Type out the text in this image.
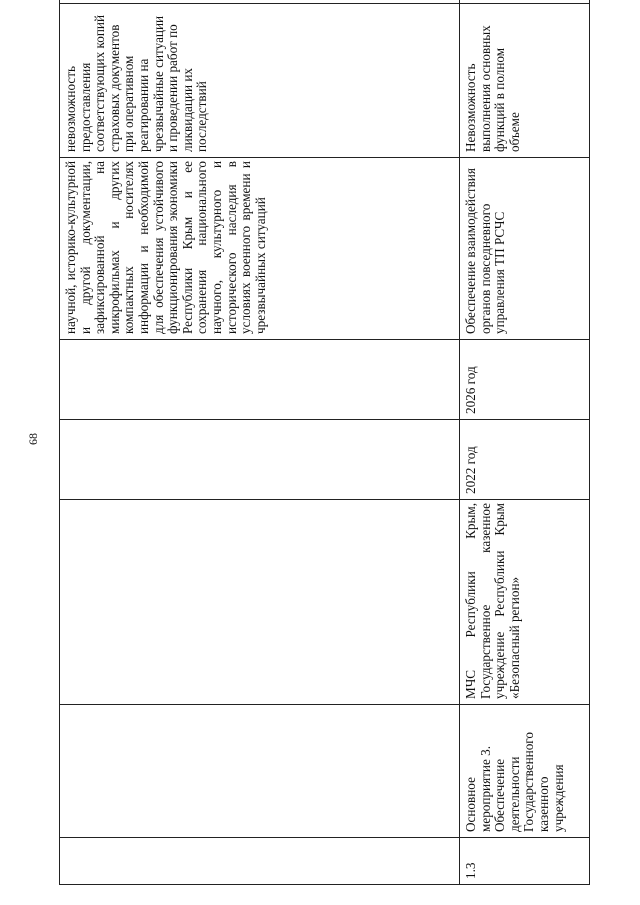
68
					научной, историко-культурной и другой документации, зафиксированной на микрофильмах и других компактных носителях информации и необходимой для обеспечения устойчивого функционирования экономики Республики Крым и ее сохранения национального научного, культурного и исторического наследия в условиях военного времени и чрезвычайных ситуаций	невозможность предоставления соответствующих копий страховых документов при оперативном реагировании на чрезвычайные ситуации и проведении работ по ликвидации их последствий	
1.3	Основное мероприятие 3. Обеспечение деятельности Государственного казенного учреждения	МЧС Республики Крым, Государственное казенное учреждение Республики Крым «Безопасный регион»	2022 год	2026 год	Обеспечение взаимодействия органов повседневного управления ТП РСЧС	Невозможность выполнения основных функций в полном объеме	
